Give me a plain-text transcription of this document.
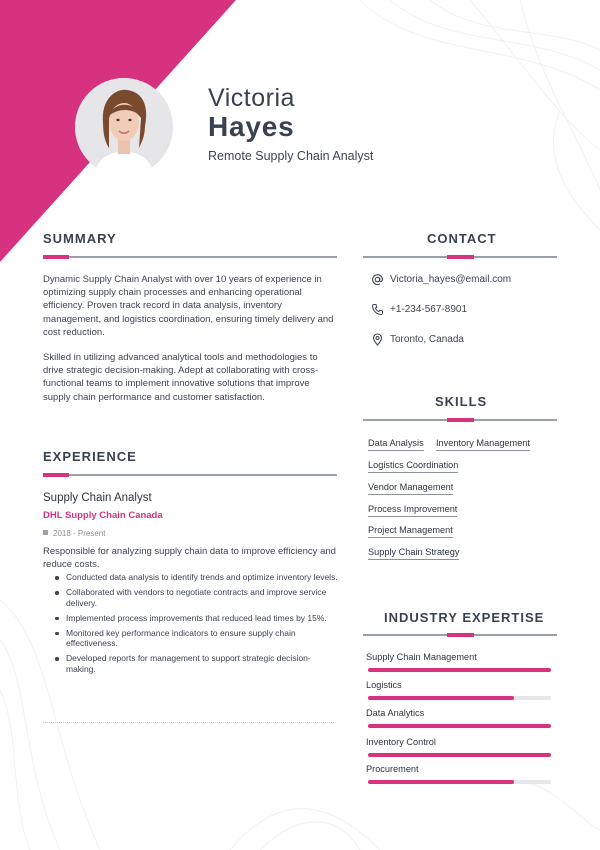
Victoria
Hayes
Remote Supply Chain Analyst
SUMMARY
Dynamic Supply Chain Analyst with over 10 years of experience in optimizing supply chain processes and enhancing operational efficiency. Proven track record in data analysis, inventory management, and logistics coordination, ensuring timely delivery and cost reduction.
Skilled in utilizing advanced analytical tools and methodologies to drive strategic decision-making. Adept at collaborating with cross-functional teams to implement innovative solutions that improve supply chain performance and customer satisfaction.
EXPERIENCE
Supply Chain Analyst
DHL Supply Chain Canada
2018 - Present
Responsible for analyzing supply chain data to improve efficiency and reduce costs.
Conducted data analysis to identify trends and optimize inventory levels.
Collaborated with vendors to negotiate contracts and improve service delivery.
Implemented process improvements that reduced lead times by 15%.
Monitored key performance indicators to ensure supply chain effectiveness.
Developed reports for management to support strategic decision-making.
CONTACT
Victoria_hayes@email.com
+1-234-567-8901
Toronto, Canada
SKILLS
Data Analysis Inventory Management
Logistics Coordination
Vendor Management
Process Improvement
Project Management
Supply Chain Strategy
INDUSTRY EXPERTISE
Supply Chain Management
Logistics
Data Analytics
Inventory Control
Procurement
